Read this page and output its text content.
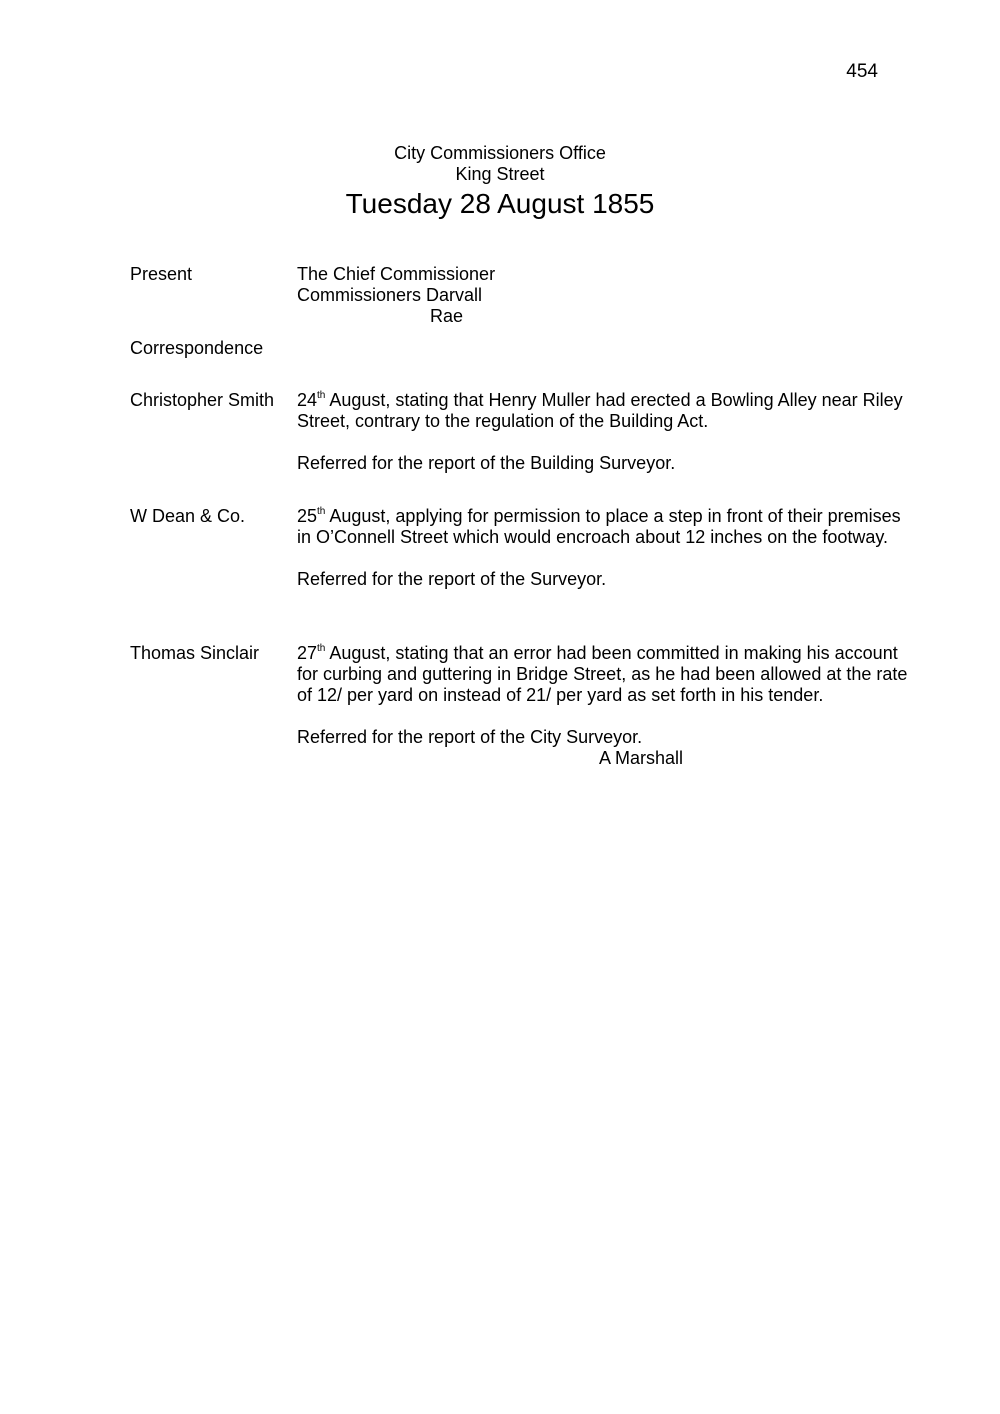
454
City Commissioners Office
King Street
Tuesday 28 August 1855
Present	The Chief Commissioner
Commissioners Darvall
Rae
Correspondence
Christopher Smith 24th August, stating that Henry Muller had erected a Bowling Alley near Riley Street, contrary to the regulation of the Building Act.
Referred for the report of the Building Surveyor.
W Dean & Co.	25th August, applying for permission to place a step in front of their premises in O’Connell Street which would encroach about 12 inches on the footway.
Referred for the report of the Surveyor.
Thomas Sinclair 27th August, stating that an error had been committed in making his account for curbing and guttering in Bridge Street, as he had been allowed at the rate of 12/ per yard on instead of 21/ per yard as set forth in his tender.
Referred for the report of the City Surveyor.
A Marshall
